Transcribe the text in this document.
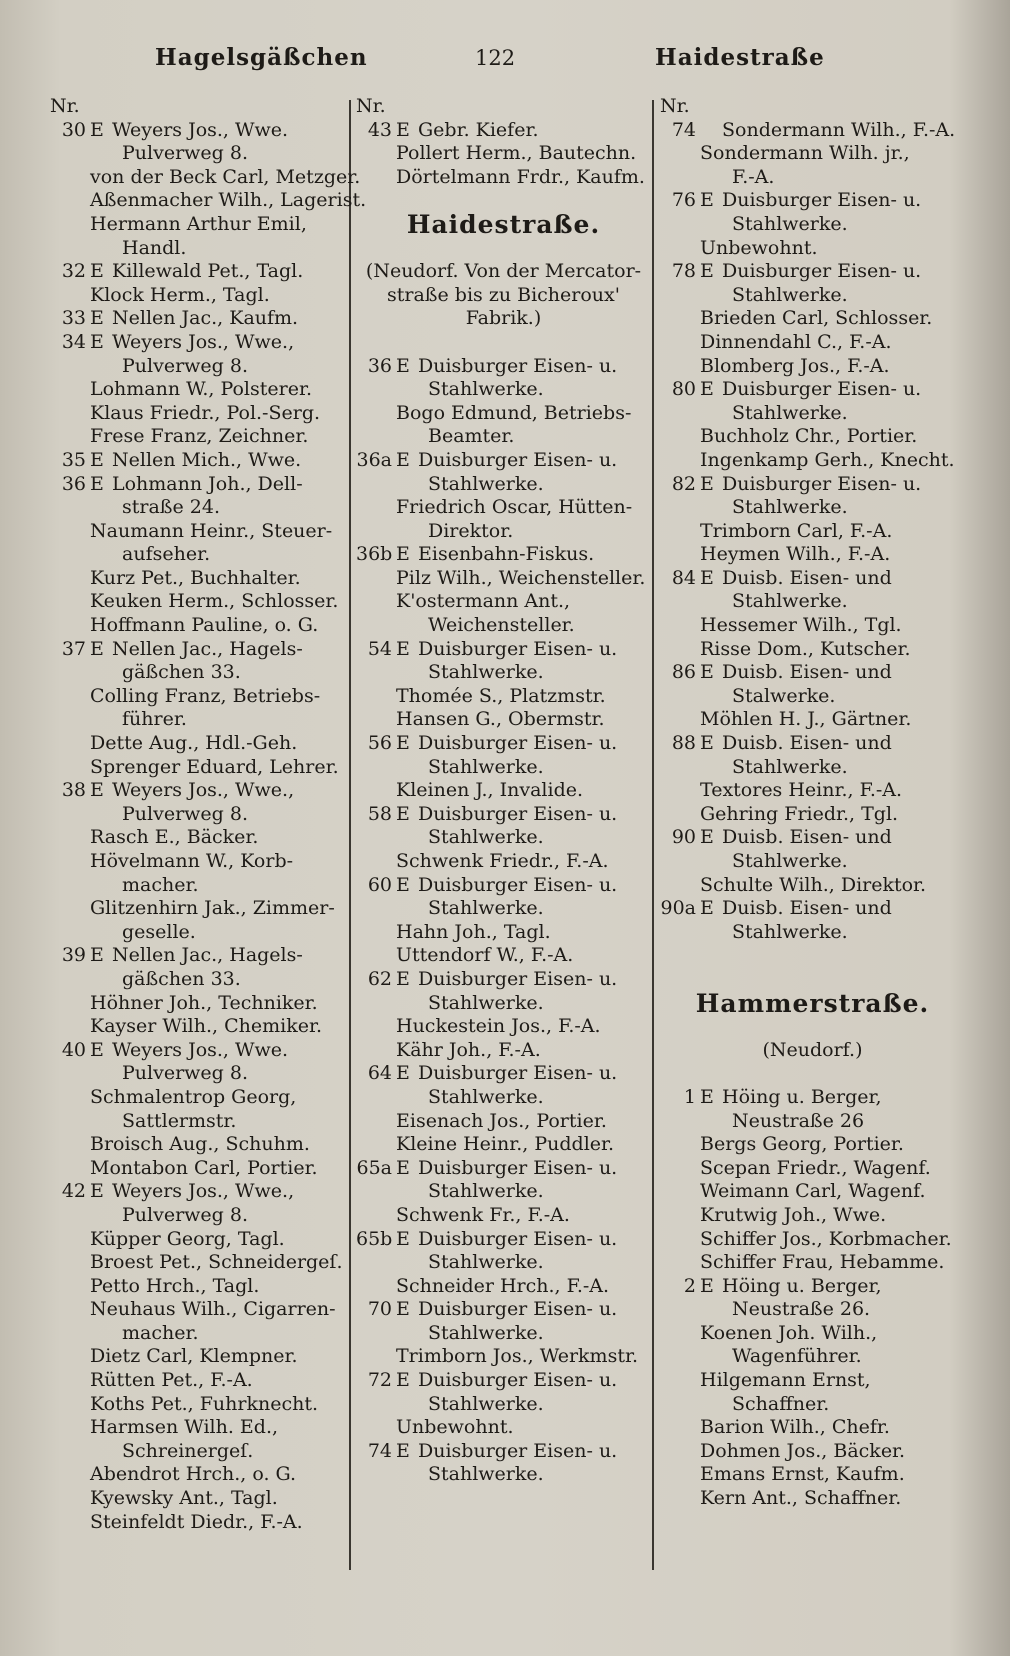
Hagelsgäßchen	122	Haidestraße
Nr.
30 E Weyers Jos., Wwe.
Pulverweg 8.
von der Beck Carl, Metzger.
Aßenmacher Wilh., Lagerist.
Hermann Arthur Emil,
Handl.
32 E Killewald Pet., Tagl.
Klock Herm., Tagl.
33 E Nellen Jac., Kaufm.
34 E Weyers Jos., Wwe.,
Pulverweg 8.
Lohmann W., Polsterer.
Klaus Friedr., Pol.-Serg.
Frese Franz, Zeichner.
35 E Nellen Mich., Wwe.
36 E Lohmann Joh., Dell-
straße 24.
Naumann Heinr., Steuer-
aufseher.
Kurz Pet., Buchhalter.
Keuken Herm., Schlosser.
Hoffmann Pauline, o. G.
37 E Nellen Jac., Hagels-
gäßchen 33.
Colling Franz, Betriebs-
führer.
Dette Aug., Hdl.-Geh.
Sprenger Eduard, Lehrer.
38 E Weyers Jos., Wwe.,
Pulverweg 8.
Rasch E., Bäcker.
Hövelmann W., Korb-
macher.
Glitzenhirn Jak., Zimmer-
geselle.
39 E Nellen Jac., Hagels-
gäßchen 33.
Höhner Joh., Techniker.
Kayser Wilh., Chemiker.
40 E Weyers Jos., Wwe.
Pulverweg 8.
Schmalentrop Georg,
Sattlermstr.
Broisch Aug., Schuhm.
Montabon Carl, Portier.
42 E Weyers Jos., Wwe.,
Pulverweg 8.
Küpper Georg, Tagl.
Broest Pet., Schneidergeſ.
Petto Hrch., Tagl.
Neuhaus Wilh., Cigarren-
macher.
Dietz Carl, Klempner.
Rütten Pet., F.-A.
Koths Pet., Fuhrknecht.
Harmsen Wilh. Ed.,
Schreinergeſ.
Abendrot Hrch., o. G.
Kyewsky Ant., Tagl.
Steinfeldt Diedr., F.-A.
Nr.
43 E Gebr. Kiefer.
Pollert Herm., Bautechn.
Dörtelmann Frdr., Kaufm.
Haidestraße.
(Neudorf. Von der Mercator-
straße bis zu Bicheroux'
Fabrik.)
36 E Duisburger Eisen- u.
Stahlwerke.
Bogo Edmund, Betriebs-
Beamter.
36a E Duisburger Eisen- u.
Stahlwerke.
Friedrich Oscar, Hütten-
Direktor.
36b E Eisenbahn-Fiskus.
Pilz Wilh., Weichensteller.
K'ostermann Ant.,
Weichensteller.
54 E Duisburger Eisen- u.
Stahlwerke.
Thomée S., Platzmstr.
Hansen G., Obermstr.
56 E Duisburger Eisen- u.
Stahlwerke.
Kleinen J., Invalide.
58 E Duisburger Eisen- u.
Stahlwerke.
Schwenk Friedr., F.-A.
60 E Duisburger Eisen- u.
Stahlwerke.
Hahn Joh., Tagl.
Uttendorf W., F.-A.
62 E Duisburger Eisen- u.
Stahlwerke.
Huckestein Jos., F.-A.
Kähr Joh., F.-A.
64 E Duisburger Eisen- u.
Stahlwerke.
Eisenach Jos., Portier.
Kleine Heinr., Puddler.
65a E Duisburger Eisen- u.
Stahlwerke.
Schwenk Fr., F.-A.
65b E Duisburger Eisen- u.
Stahlwerke.
Schneider Hrch., F.-A.
70 E Duisburger Eisen- u.
Stahlwerke.
Trimborn Jos., Werkmstr.
72 E Duisburger Eisen- u.
Stahlwerke.
Unbewohnt.
74 E Duisburger Eisen- u.
Stahlwerke.
Nr.
74 Sondermann Wilh., F.-A.
Sondermann Wilh. jr.,
F.-A.
76 E Duisburger Eisen- u.
Stahlwerke.
Unbewohnt.
78 E Duisburger Eisen- u.
Stahlwerke.
Brieden Carl, Schlosser.
Dinnendahl C., F.-A.
Blomberg Jos., F.-A.
80 E Duisburger Eisen- u.
Stahlwerke.
Buchholz Chr., Portier.
Ingenkamp Gerh., Knecht.
82 E Duisburger Eisen- u.
Stahlwerke.
Trimborn Carl, F.-A.
Heymen Wilh., F.-A.
84 E Duisb. Eisen- und
Stahlwerke.
Hessemer Wilh., Tgl.
Risse Dom., Kutscher.
86 E Duisb. Eisen- und
Stalwerke.
Möhlen H. J., Gärtner.
88 E Duisb. Eisen- und
Stahlwerke.
Textores Heinr., F.-A.
Gehring Friedr., Tgl.
90 E Duisb. Eisen- und
Stahlwerke.
Schulte Wilh., Direktor.
90a E Duisb. Eisen- und
Stahlwerke.
Hammerstraße.
(Neudorf.)
1 E Höing u. Berger,
Neustraße 26
Bergs Georg, Portier.
Scepan Friedr., Wagenf.
Weimann Carl, Wagenf.
Krutwig Joh., Wwe.
Schiffer Jos., Korbmacher.
Schiffer Frau, Hebamme.
2 E Höing u. Berger,
Neustraße 26.
Koenen Joh. Wilh.,
Wagenführer.
Hilgemann Ernst,
Schaffner.
Barion Wilh., Chefr.
Dohmen Jos., Bäcker.
Emans Ernst, Kaufm.
Kern Ant., Schaffner.
